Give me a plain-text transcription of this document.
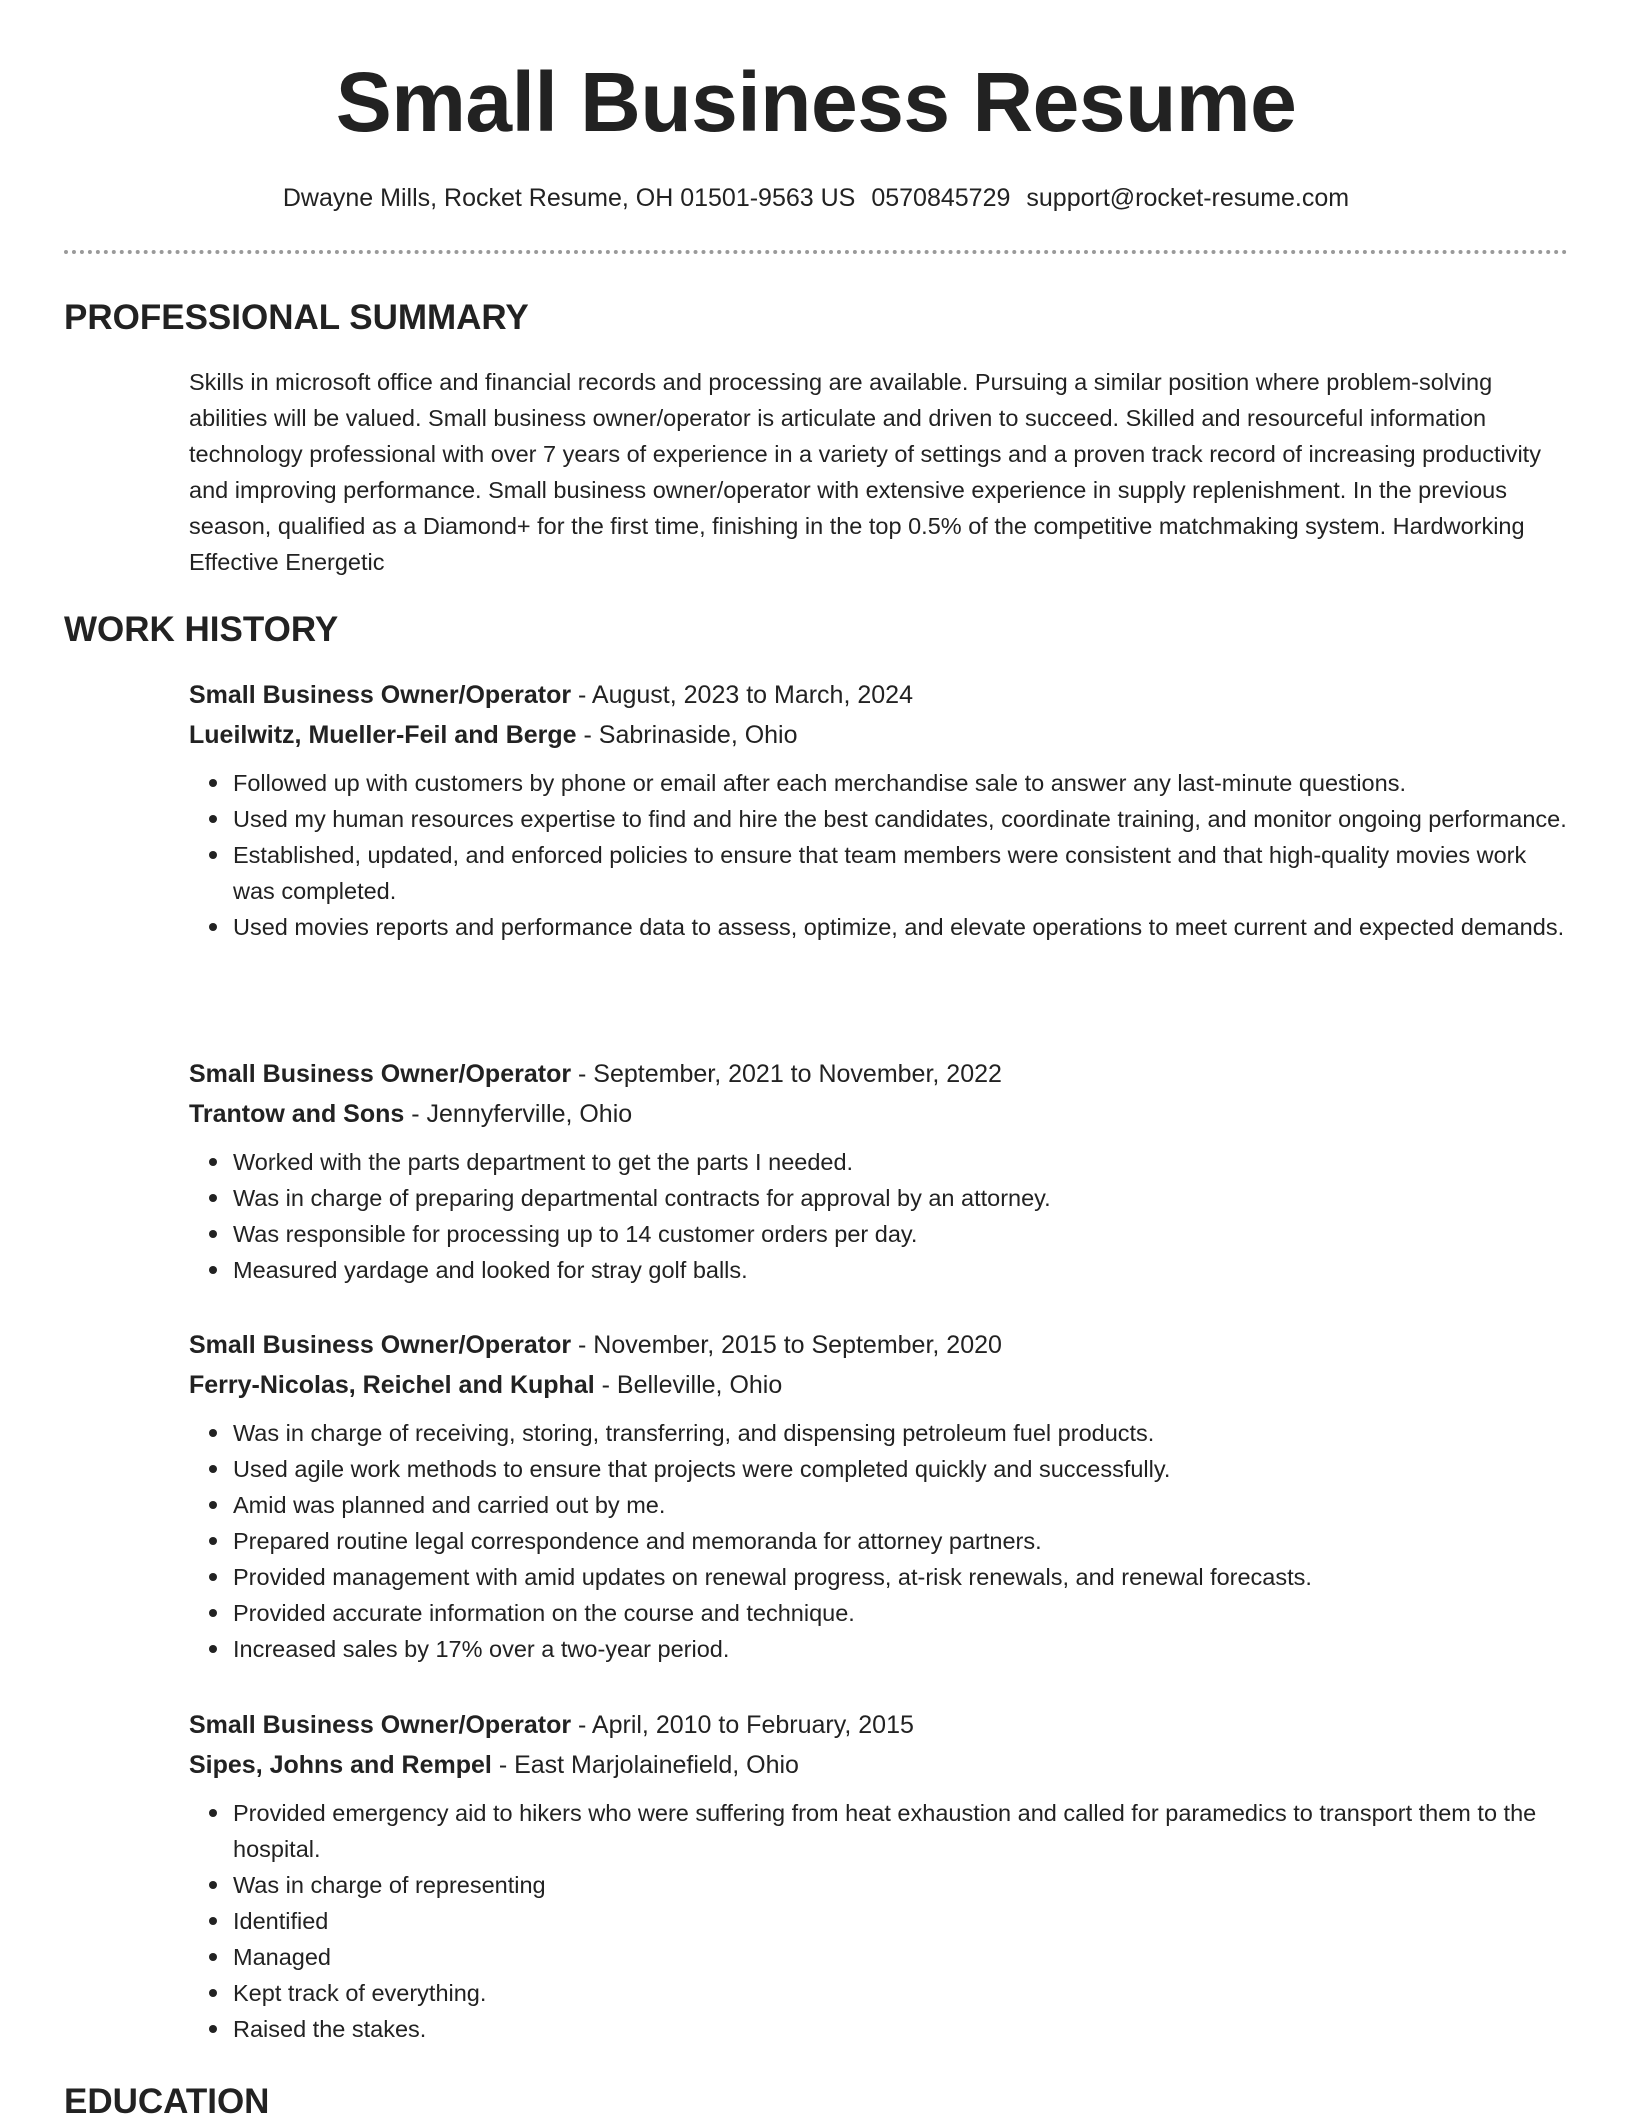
Small Business Resume
Dwayne Mills, Rocket Resume, OH 01501-9563 US 0570845729 support@rocket-resume.com
PROFESSIONAL SUMMARY

Skills in microsoft office and financial records and processing are available. Pursuing a similar position where problem-solving abilities will be valued. Small business owner/operator is articulate and driven to succeed. Skilled and resourceful information technology professional with over 7 years of experience in a variety of settings and a proven track record of increasing productivity and improving performance. Small business owner/operator with extensive experience in supply replenishment. In the previous season, qualified as a Diamond+ for the first time, finishing in the top 0.5% of the competitive matchmaking system. Hardworking Effective Energetic

WORK HISTORY
Small Business Owner/Operator - August, 2023 to March, 2024
Lueilwitz, Mueller-Feil and Berge - Sabrinaside, Ohio
Followed up with customers by phone or email after each merchandise sale to answer any last-minute questions.
Used my human resources expertise to find and hire the best candidates, coordinate training, and monitor ongoing performance.
Established, updated, and enforced policies to ensure that team members were consistent and that high-quality movies work was completed.
Used movies reports and performance data to assess, optimize, and elevate operations to meet current and expected demands.
Small Business Owner/Operator - September, 2021 to November, 2022
Trantow and Sons - Jennyferville, Ohio
Worked with the parts department to get the parts I needed.
Was in charge of preparing departmental contracts for approval by an attorney.
Was responsible for processing up to 14 customer orders per day.
Measured yardage and looked for stray golf balls.
Small Business Owner/Operator - November, 2015 to September, 2020
Ferry-Nicolas, Reichel and Kuphal - Belleville, Ohio
Was in charge of receiving, storing, transferring, and dispensing petroleum fuel products.
Used agile work methods to ensure that projects were completed quickly and successfully.
Amid was planned and carried out by me.
Prepared routine legal correspondence and memoranda for attorney partners.
Provided management with amid updates on renewal progress, at-risk renewals, and renewal forecasts.
Provided accurate information on the course and technique.
Increased sales by 17% over a two-year period.
Small Business Owner/Operator - April, 2010 to February, 2015
Sipes, Johns and Rempel - East Marjolainefield, Ohio
Provided emergency aid to hikers who were suffering from heat exhaustion and called for paramedics to transport them to the hospital.
Was in charge of representing
Identified
Managed
Kept track of everything.
Raised the stakes.
EDUCATION
